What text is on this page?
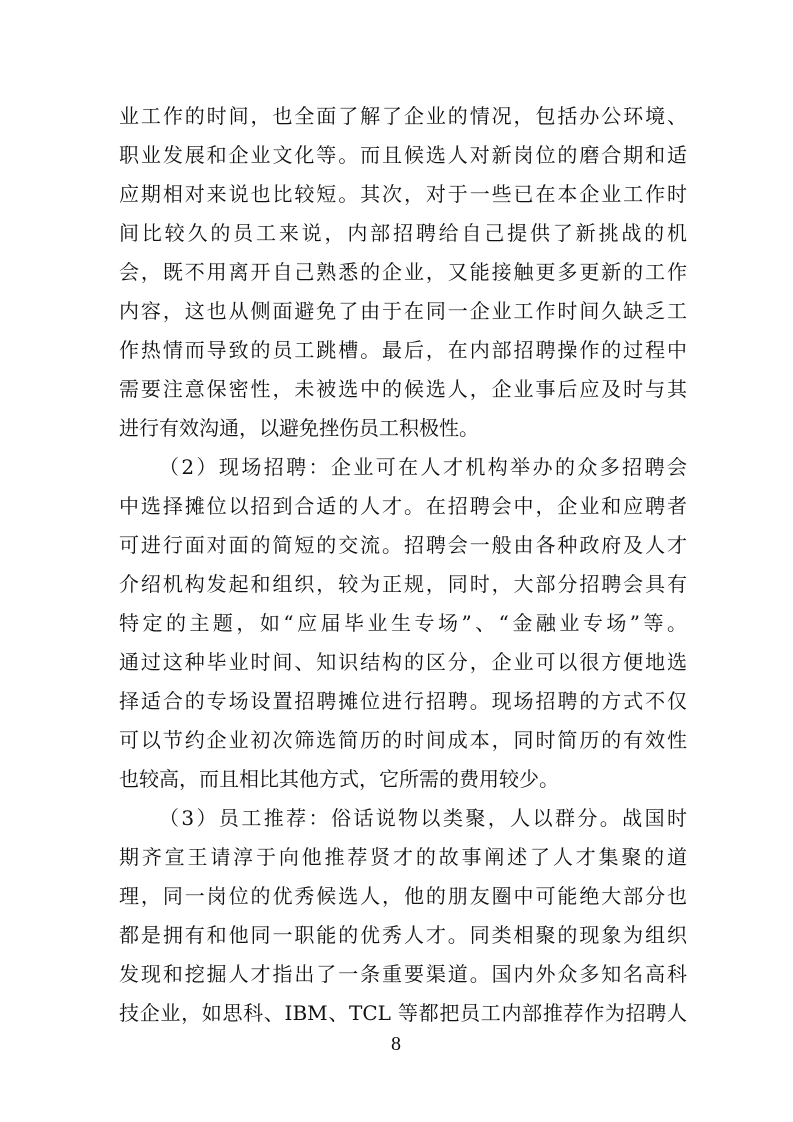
业工作的时间，也全面了解了企业的情况，包括办公环境、
职业发展和企业文化等。而且候选人对新岗位的磨合期和适
应期相对来说也比较短。其次，对于一些已在本企业工作时
间比较久的员工来说，内部招聘给自己提供了新挑战的机
会，既不用离开自己熟悉的企业，又能接触更多更新的工作
内容，这也从侧面避免了由于在同一企业工作时间久缺乏工
作热情而导致的员工跳槽。最后，在内部招聘操作的过程中
需要注意保密性，未被选中的候选人，企业事后应及时与其
进行有效沟通，以避免挫伤员工积极性。
（2）现场招聘：企业可在人才机构举办的众多招聘会
中选择摊位以招到合适的人才。在招聘会中，企业和应聘者
可进行面对面的简短的交流。招聘会一般由各种政府及人才
介绍机构发起和组织，较为正规，同时，大部分招聘会具有
特定的主题，如“应届毕业生专场”、“金融业专场”等。
通过这种毕业时间、知识结构的区分，企业可以很方便地选
择适合的专场设置招聘摊位进行招聘。现场招聘的方式不仅
可以节约企业初次筛选简历的时间成本，同时简历的有效性
也较高，而且相比其他方式，它所需的费用较少。
（3）员工推荐：俗话说物以类聚，人以群分。战国时
期齐宣王请淳于向他推荐贤才的故事阐述了人才集聚的道
理，同一岗位的优秀候选人，他的朋友圈中可能绝大部分也
都是拥有和他同一职能的优秀人才。同类相聚的现象为组织
发现和挖掘人才指出了一条重要渠道。国内外众多知名高科
技企业，如思科、IBM、TCL 等都把员工内部推荐作为招聘人
8
